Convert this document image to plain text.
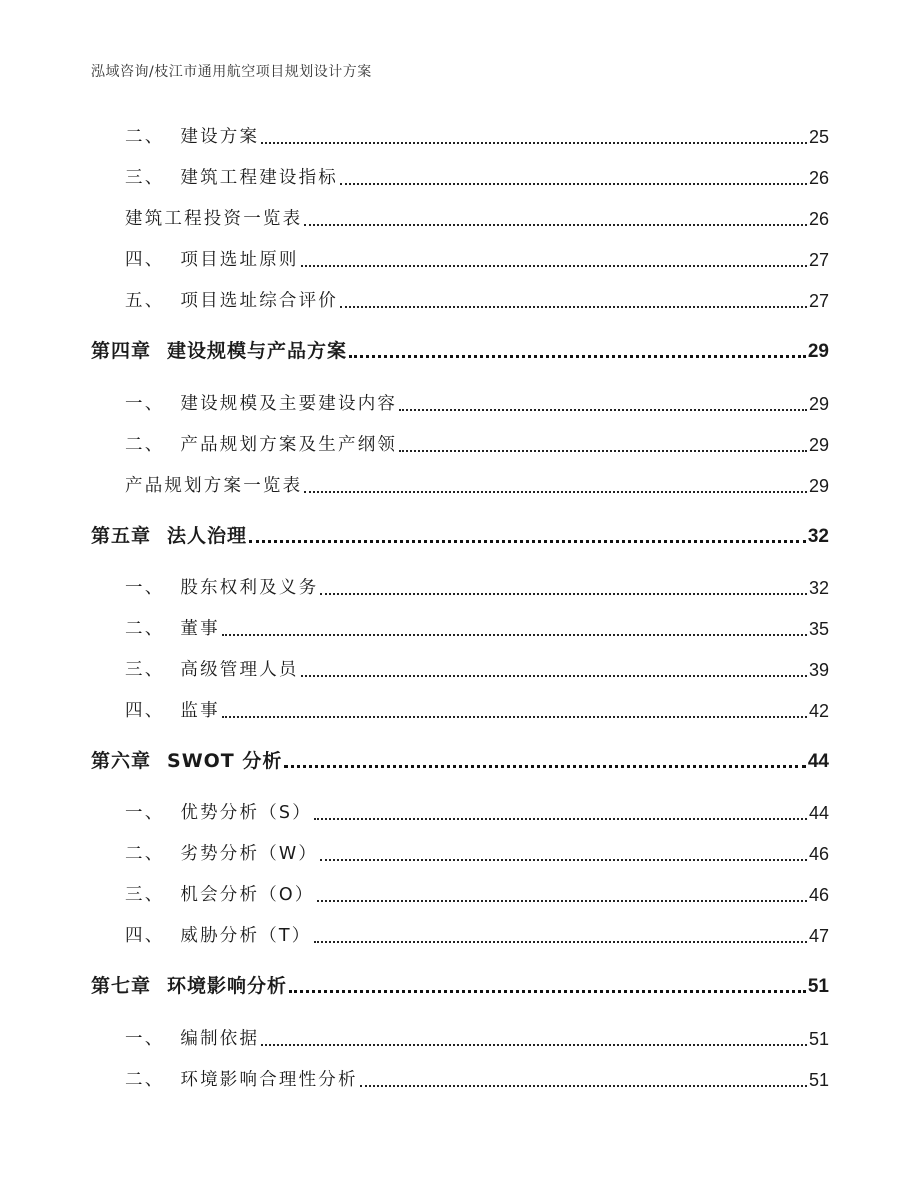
泓域咨询/枝江市通用航空项目规划设计方案
二、 建设方案	25
三、 建筑工程建设指标	26
建筑工程投资一览表	26
四、 项目选址原则	27
五、 项目选址综合评价	27
第四章 建设规模与产品方案	29
一、 建设规模及主要建设内容	29
二、 产品规划方案及生产纲领	29
产品规划方案一览表	29
第五章 法人治理	32
一、 股东权利及义务	32
二、 董事	35
三、 高级管理人员	39
四、 监事	42
第六章 SWOT 分析	44
一、 优势分析（S）	44
二、 劣势分析（W）	46
三、 机会分析（O）	46
四、 威胁分析（T）	47
第七章 环境影响分析	51
一、 编制依据	51
二、 环境影响合理性分析	51
